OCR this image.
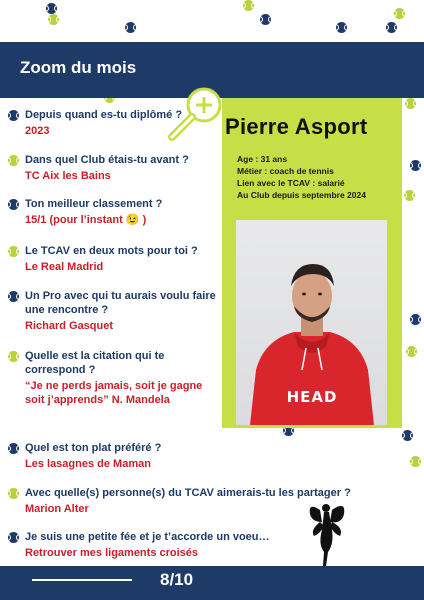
Zoom du mois
Pierre Asport
Age : 31 ans
Métier : coach de tennis
Lien avec le TCAV : salarié
Au Club depuis septembre 2024
HEAD
Depuis quand es-tu diplômé ?
2023
Dans quel Club étais-tu avant ?
TC Aix les Bains
Ton meilleur classement ?
15/1 (pour l’instant 😉 )
Le TCAV en deux mots pour toi ?
Le Real Madrid
Un Pro avec qui tu aurais voulu faire une rencontre ?
Richard Gasquet
Quelle est la citation qui te correspond ?
“Je ne perds jamais, soit je gagne soit j’apprends” N. Mandela
Quel est ton plat préféré ?
Les lasagnes de Maman
Avec quelle(s) personne(s) du TCAV aimerais-tu les partager ?
Marion Alter
Je suis une petite fée et je t’accorde un voeu…
Retrouver mes ligaments croisés
8/10
